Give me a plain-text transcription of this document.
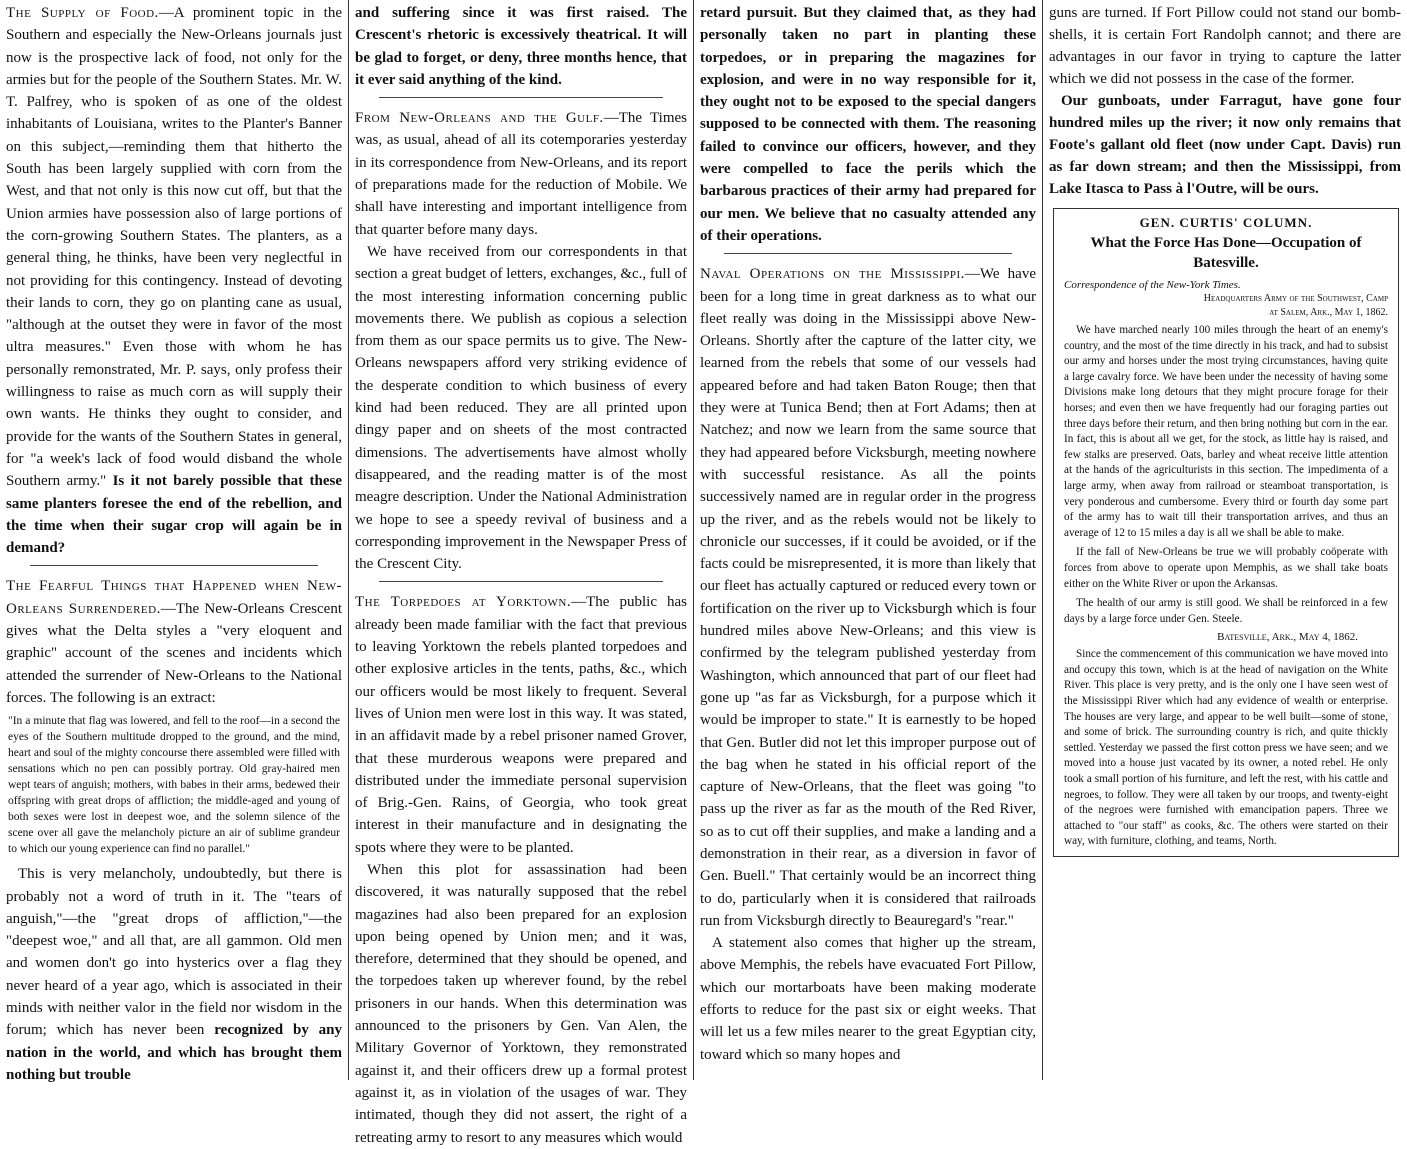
The Supply of Food.—A prominent topic in the Southern and especially the New-Orleans journals just now is the prospective lack of food, not only for the armies but for the people of the Southern States. Mr. W. T. Palfrey, who is spoken of as one of the oldest inhabitants of Louisiana, writes to the Planter's Banner on this subject,—reminding them that hitherto the South has been largely supplied with corn from the West, and that not only is this now cut off, but that the Union armies have possession also of large portions of the corn-growing Southern States. The planters, as a general thing, he thinks, have been very neglectful in not providing for this contingency. Instead of devoting their lands to corn, they go on planting cane as usual, "although at the outset they were in favor of the most ultra measures." Even those with whom he has personally remonstrated, Mr. P. says, only profess their willingness to raise as much corn as will supply their own wants. He thinks they ought to consider, and provide for the wants of the Southern States in general, for "a week's lack of food would disband the whole Southern army." Is it not barely possible that these same planters foresee the end of the rebellion, and the time when their sugar crop will again be in demand?

The Fearful Things that Happened when New-Orleans Surrendered.—The New-Orleans Crescent gives what the Delta styles a "very eloquent and graphic" account of the scenes and incidents which attended the surrender of New-Orleans to the National forces. The following is an extract:

"In a minute that flag was lowered, and fell to the roof—in a second the eyes of the Southern multitude dropped to the ground, and the mind, heart and soul of the mighty concourse there assembled were filled with sensations which no pen can possibly portray. Old gray-haired men wept tears of anguish; mothers, with babes in their arms, bedewed their offspring with great drops of affliction; the middle-aged and young of both sexes were lost in deepest woe, and the solemn silence of the scene over all gave the melancholy picture an air of sublime grandeur to which our young experience can find no parallel."

This is very melancholy, undoubtedly, but there is probably not a word of truth in it. The "tears of anguish,"—the "great drops of affliction,"—the "deepest woe," and all that, are all gammon. Old men and women don't go into hysterics over a flag they never heard of a year ago, which is associated in their minds with neither valor in the field nor wisdom in the forum; which has never been recognized by any nation in the world, and which has brought them nothing but trouble

and suffering since it was first raised. The Crescent's rhetoric is excessively theatrical. It will be glad to forget, or deny, three months hence, that it ever said anything of the kind.

From New-Orleans and the Gulf.—The Times was, as usual, ahead of all its cotemporaries yesterday in its correspondence from New-Orleans, and its report of preparations made for the reduction of Mobile. We shall have interesting and important intelligence from that quarter before many days.

We have received from our correspondents in that section a great budget of letters, exchanges, &c., full of the most interesting information concerning public movements there. We publish as copious a selection from them as our space permits us to give. The New-Orleans newspapers afford very striking evidence of the desperate condition to which business of every kind had been reduced. They are all printed upon dingy paper and on sheets of the most contracted dimensions. The advertisements have almost wholly disappeared, and the reading matter is of the most meagre description. Under the National Administration we hope to see a speedy revival of business and a corresponding improvement in the Newspaper Press of the Crescent City.

The Torpedoes at Yorktown.—The public has already been made familiar with the fact that previous to leaving Yorktown the rebels planted torpedoes and other explosive articles in the tents, paths, &c., which our officers would be most likely to frequent. Several lives of Union men were lost in this way. It was stated, in an affidavit made by a rebel prisoner named Grover, that these murderous weapons were prepared and distributed under the immediate personal supervision of Brig.-Gen. Rains, of Georgia, who took great interest in their manufacture and in designating the spots where they were to be planted.

When this plot for assassination had been discovered, it was naturally supposed that the rebel magazines had also been prepared for an explosion upon being opened by Union men; and it was, therefore, determined that they should be opened, and the torpedoes taken up wherever found, by the rebel prisoners in our hands. When this determination was announced to the prisoners by Gen. Van Alen, the Military Governor of Yorktown, they remonstrated against it, and their officers drew up a formal protest against it, as in violation of the usages of war. They intimated, though they did not assert, the right of a retreating army to resort to any measures which would

retard pursuit. But they claimed that, as they had personally taken no part in planting these torpedoes, or in preparing the magazines for explosion, and were in no way responsible for it, they ought not to be exposed to the special dangers supposed to be connected with them. The reasoning failed to convince our officers, however, and they were compelled to face the perils which the barbarous practices of their army had prepared for our men. We believe that no casualty attended any of their operations.

Naval Operations on the Mississippi.—We have been for a long time in great darkness as to what our fleet really was doing in the Mississippi above New-Orleans. Shortly after the capture of the latter city, we learned from the rebels that some of our vessels had appeared before and had taken Baton Rouge; then that they were at Tunica Bend; then at Fort Adams; then at Natchez; and now we learn from the same source that they had appeared before Vicksburgh, meeting nowhere with successful resistance. As all the points successively named are in regular order in the progress up the river, and as the rebels would not be likely to chronicle our successes, if it could be avoided, or if the facts could be misrepresented, it is more than likely that our fleet has actually captured or reduced every town or fortification on the river up to Vicksburgh which is four hundred miles above New-Orleans; and this view is confirmed by the telegram published yesterday from Washington, which announced that part of our fleet had gone up "as far as Vicksburgh, for a purpose which it would be improper to state." It is earnestly to be hoped that Gen. Butler did not let this improper purpose out of the bag when he stated in his official report of the capture of New-Orleans, that the fleet was going "to pass up the river as far as the mouth of the Red River, so as to cut off their supplies, and make a landing and a demonstration in their rear, as a diversion in favor of Gen. Buell." That certainly would be an incorrect thing to do, particularly when it is considered that railroads run from Vicksburgh directly to Beauregard's "rear."

A statement also comes that higher up the stream, above Memphis, the rebels have evacuated Fort Pillow, which our mortarboats have been making moderate efforts to reduce for the past six or eight weeks. That will let us a few miles nearer to the great Egyptian city, toward which so many hopes and

guns are turned. If Fort Pillow could not stand our bomb-shells, it is certain Fort Randolph cannot; and there are advantages in our favor in trying to capture the latter which we did not possess in the case of the former.

Our gunboats, under Farragut, have gone four hundred miles up the river; it now only remains that Foote's gallant old fleet (now under Capt. Davis) run as far down stream; and then the Mississippi, from Lake Itasca to Pass à l'Outre, will be ours.

GEN. CURTIS' COLUMN.
What the Force Has Done—Occupation of Batesville.
Correspondence of the New-York Times.
Headquarters Army of the Southwest, Camp
at Salem, Ark., May 1, 1862.
We have marched nearly 100 miles through the heart of an enemy's country, and the most of the time directly in his track, and had to subsist our army and horses under the most trying circumstances, having quite a large cavalry force. We have been under the necessity of having some Divisions make long detours that they might procure forage for their horses; and even then we have frequently had our foraging parties out three days before their return, and then bring nothing but corn in the ear. In fact, this is about all we get, for the stock, as little hay is raised, and few stalks are preserved. Oats, barley and wheat receive little attention at the hands of the agriculturists in this section. The impedimenta of a large army, when away from railroad or steamboat transportation, is very ponderous and cumbersome. Every third or fourth day some part of the army has to wait till their transportation arrives, and thus an average of 12 to 15 miles a day is all we shall be able to make.
If the fall of New-Orleans be true we will probably coöperate with forces from above to operate upon Memphis, as we shall take boats either on the White River or upon the Arkansas.
The health of our army is still good. We shall be reinforced in a few days by a large force under Gen. Steele.
Batesville, Ark., May 4, 1862.
Since the commencement of this communication we have moved into and occupy this town, which is at the head of navigation on the White River. This place is very pretty, and is the only one I have seen west of the Mississippi River which had any evidence of wealth or enterprise. The houses are very large, and appear to be well built—some of stone, and some of brick. The surrounding country is rich, and quite thickly settled. Yesterday we passed the first cotton press we have seen; and we moved into a house just vacated by its owner, a noted rebel. He only took a small portion of his furniture, and left the rest, with his cattle and negroes, to follow. They were all taken by our troops, and twenty-eight of the negroes were furnished with emancipation papers. Three we attached to "our staff" as cooks, &c. The others were started on their way, with furniture, clothing, and teams, North.
